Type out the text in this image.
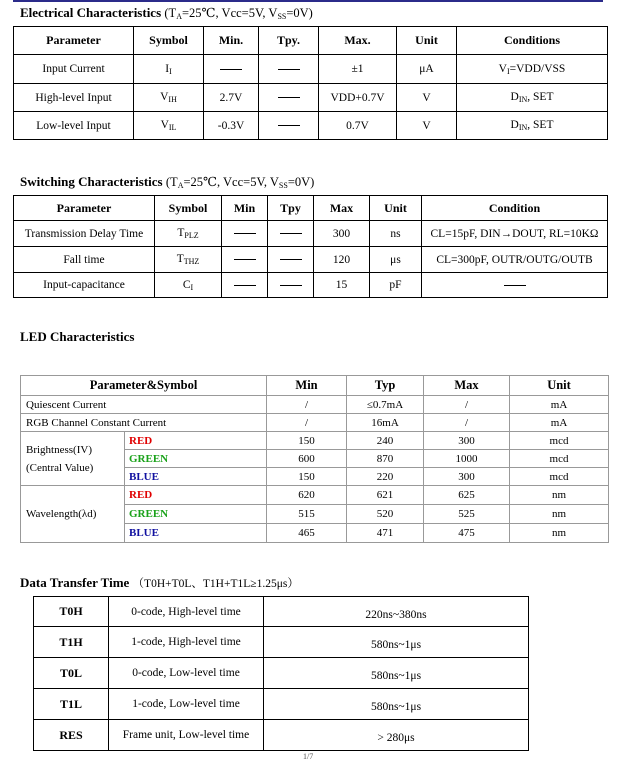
Electrical Characteristics ($T_A=25℃$, Vcc=5V, $V_{SS}=0V$)
Parameter	Symbol	Min.	Tpy.	Max.	Unit	Conditions
Input Current	$I_I$			±1	μA	$V_I=VDD$/VSS
High-level Input	$V_{IH}$	2.7V		VDD+0.7V	V	$D_{IN}$, SET
Low-level Input	$V_{IL}$	-0.3V		0.7V	V	$D_{IN}$, SET
Switching Characteristics ($T_A=25℃$, Vcc=5V, $V_{SS}=0V$)
Parameter	Symbol	Min	Tpy	Max	Unit	Condition
Transmission Delay Time	$T_{PLZ}$			300	ns	CL=15pF, DIN→DOUT, RL=10KΩ
Fall time	$T_{THZ}$			120	μs	CL=300pF, OUTR/OUTG/OUTB
Input-capacitance	$C_I$			15	pF	
LED Characteristics
Parameter&Symbol		Min	Typ	Max	Unit
Quiescent Current		/	≤0.7mA	/	mA
RGB Channel Constant Current		/	16mA	/	mA
Brightness(IV)
(Central Value)	RED	150	240	300	mcd
	GREEN	600	870	1000	mcd
	BLUE	150	220	300	mcd
Wavelength(λd)	RED	620	621	625	nm
	GREEN	515	520	525	nm
	BLUE	465	471	475	nm
Data Transfer Time （T0H+T0L、T1H+T1L≥1.25μs）
T0H	0-code, High-level time	220ns~380ns
T1H	1-code, High-level time	580ns~1μs
T0L	0-code, Low-level time	580ns~1μs
T1L	1-code, Low-level time	580ns~1μs
RES	Frame unit, Low-level time	> 280μs
1/7
